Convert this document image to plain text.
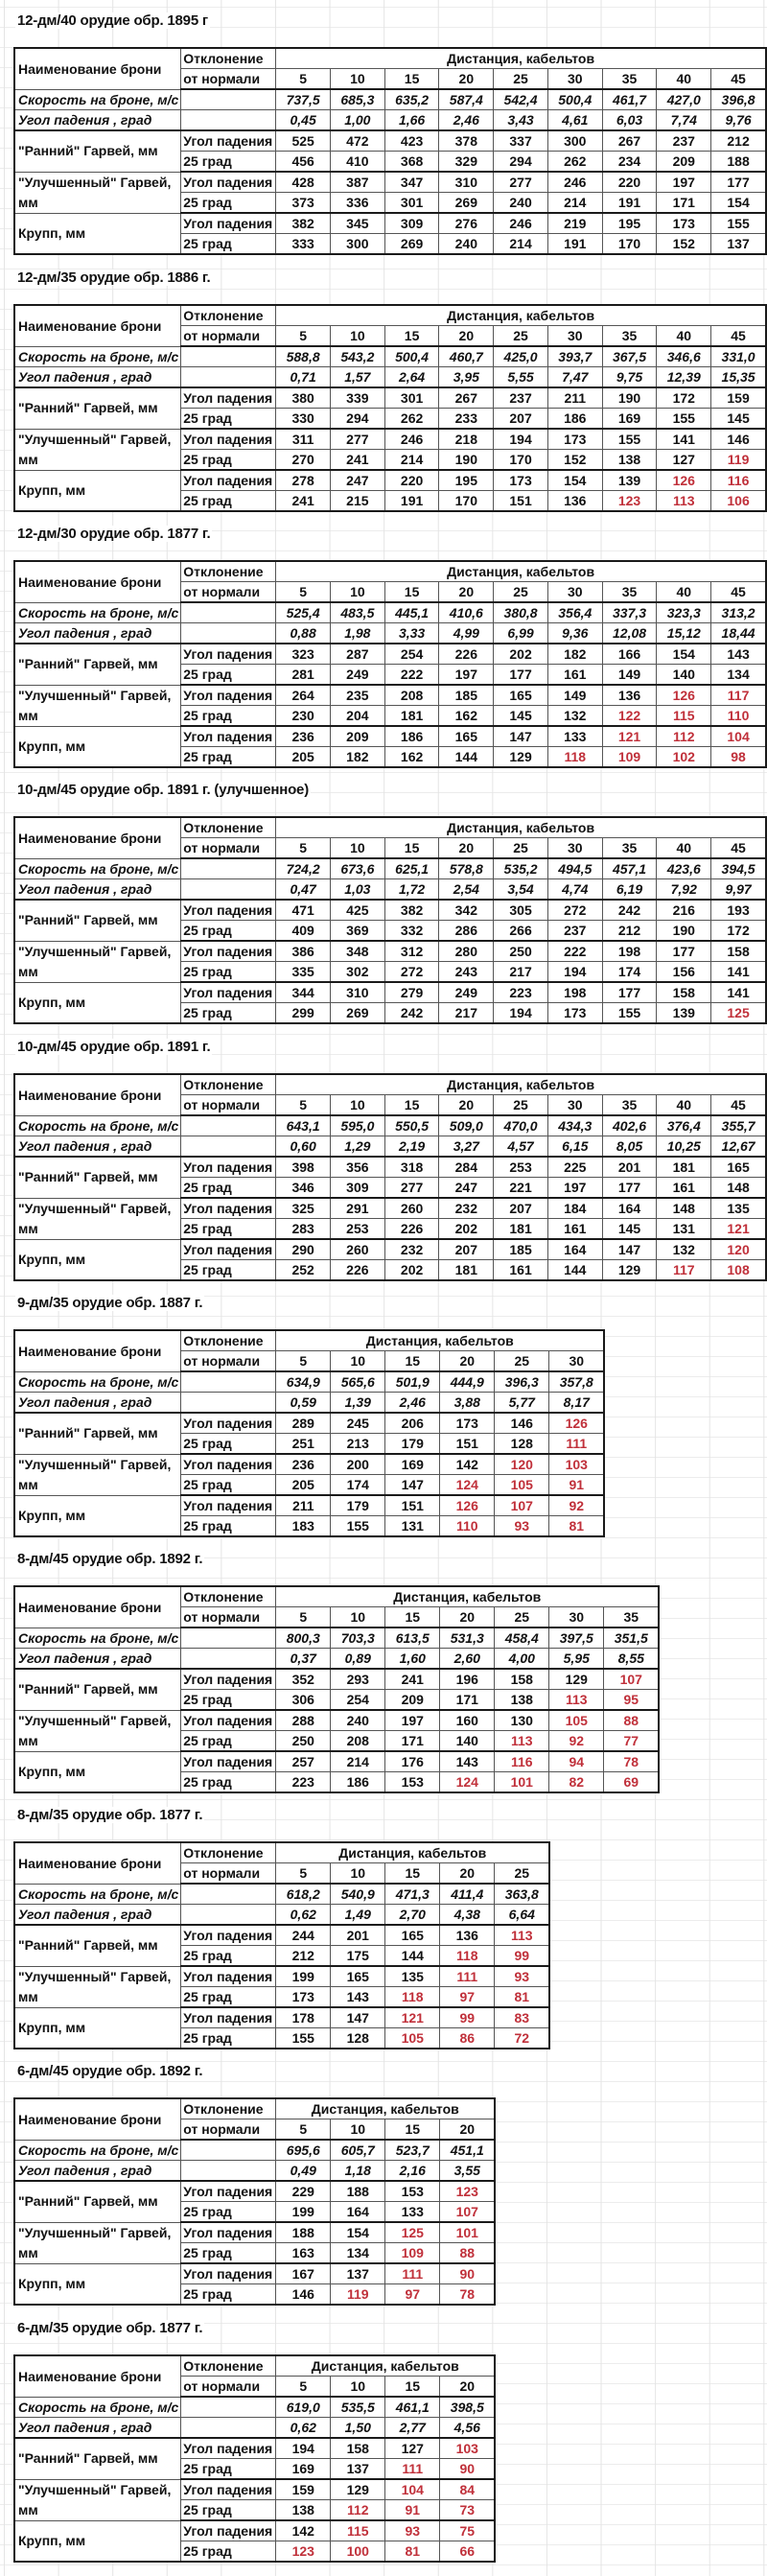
12-дм/40 орудие обр. 1895 г
Наименование брони	Отклонение	Дистанция, кабельтов								
	от нормали	5	10	15	20	25	30	35	40	45
Скорость на броне, м/с		737,5	685,3	635,2	587,4	542,4	500,4	461,7	427,0	396,8
Угол падения , град		0,45	1,00	1,66	2,46	3,43	4,61	6,03	7,74	9,76
"Ранний" Гарвей, мм	Угол падения	525	472	423	378	337	300	267	237	212
	25 град	456	410	368	329	294	262	234	209	188
"Улучшенный" Гарвей, мм	Угол падения	428	387	347	310	277	246	220	197	177
	25 град	373	336	301	269	240	214	191	171	154
Крупп, мм	Угол падения	382	345	309	276	246	219	195	173	155
	25 град	333	300	269	240	214	191	170	152	137
12-дм/35 орудие обр. 1886 г.
Наименование брони	Отклонение	Дистанция, кабельтов								
	от нормали	5	10	15	20	25	30	35	40	45
Скорость на броне, м/с		588,8	543,2	500,4	460,7	425,0	393,7	367,5	346,6	331,0
Угол падения , град		0,71	1,57	2,64	3,95	5,55	7,47	9,75	12,39	15,35
"Ранний" Гарвей, мм	Угол падения	380	339	301	267	237	211	190	172	159
	25 град	330	294	262	233	207	186	169	155	145
"Улучшенный" Гарвей, мм	Угол падения	311	277	246	218	194	173	155	141	146
	25 град	270	241	214	190	170	152	138	127	119
Крупп, мм	Угол падения	278	247	220	195	173	154	139	126	116
	25 град	241	215	191	170	151	136	123	113	106
12-дм/30 орудие обр. 1877 г.
Наименование брони	Отклонение	Дистанция, кабельтов								
	от нормали	5	10	15	20	25	30	35	40	45
Скорость на броне, м/с		525,4	483,5	445,1	410,6	380,8	356,4	337,3	323,3	313,2
Угол падения , град		0,88	1,98	3,33	4,99	6,99	9,36	12,08	15,12	18,44
"Ранний" Гарвей, мм	Угол падения	323	287	254	226	202	182	166	154	143
	25 град	281	249	222	197	177	161	149	140	134
"Улучшенный" Гарвей, мм	Угол падения	264	235	208	185	165	149	136	126	117
	25 град	230	204	181	162	145	132	122	115	110
Крупп, мм	Угол падения	236	209	186	165	147	133	121	112	104
	25 град	205	182	162	144	129	118	109	102	98
10-дм/45 орудие обр. 1891 г. (улучшенное)
Наименование брони	Отклонение	Дистанция, кабельтов								
	от нормали	5	10	15	20	25	30	35	40	45
Скорость на броне, м/с		724,2	673,6	625,1	578,8	535,2	494,5	457,1	423,6	394,5
Угол падения , град		0,47	1,03	1,72	2,54	3,54	4,74	6,19	7,92	9,97
"Ранний" Гарвей, мм	Угол падения	471	425	382	342	305	272	242	216	193
	25 град	409	369	332	286	266	237	212	190	172
"Улучшенный" Гарвей, мм	Угол падения	386	348	312	280	250	222	198	177	158
	25 град	335	302	272	243	217	194	174	156	141
Крупп, мм	Угол падения	344	310	279	249	223	198	177	158	141
	25 град	299	269	242	217	194	173	155	139	125
10-дм/45 орудие обр. 1891 г.
Наименование брони	Отклонение	Дистанция, кабельтов								
	от нормали	5	10	15	20	25	30	35	40	45
Скорость на броне, м/с		643,1	595,0	550,5	509,0	470,0	434,3	402,6	376,4	355,7
Угол падения , град		0,60	1,29	2,19	3,27	4,57	6,15	8,05	10,25	12,67
"Ранний" Гарвей, мм	Угол падения	398	356	318	284	253	225	201	181	165
	25 град	346	309	277	247	221	197	177	161	148
"Улучшенный" Гарвей, мм	Угол падения	325	291	260	232	207	184	164	148	135
	25 град	283	253	226	202	181	161	145	131	121
Крупп, мм	Угол падения	290	260	232	207	185	164	147	132	120
	25 град	252	226	202	181	161	144	129	117	108
9-дм/35 орудие обр. 1887 г.
Наименование брони	Отклонение	Дистанция, кабельтов					
	от нормали	5	10	15	20	25	30
Скорость на броне, м/с		634,9	565,6	501,9	444,9	396,3	357,8
Угол падения , град		0,59	1,39	2,46	3,88	5,77	8,17
"Ранний" Гарвей, мм	Угол падения	289	245	206	173	146	126
	25 град	251	213	179	151	128	111
"Улучшенный" Гарвей, мм	Угол падения	236	200	169	142	120	103
	25 град	205	174	147	124	105	91
Крупп, мм	Угол падения	211	179	151	126	107	92
	25 град	183	155	131	110	93	81
8-дм/45 орудие обр. 1892 г.
Наименование брони	Отклонение	Дистанция, кабельтов						
	от нормали	5	10	15	20	25	30	35
Скорость на броне, м/с		800,3	703,3	613,5	531,3	458,4	397,5	351,5
Угол падения , град		0,37	0,89	1,60	2,60	4,00	5,95	8,55
"Ранний" Гарвей, мм	Угол падения	352	293	241	196	158	129	107
	25 град	306	254	209	171	138	113	95
"Улучшенный" Гарвей, мм	Угол падения	288	240	197	160	130	105	88
	25 град	250	208	171	140	113	92	77
Крупп, мм	Угол падения	257	214	176	143	116	94	78
	25 град	223	186	153	124	101	82	69
8-дм/35 орудие обр. 1877 г.
Наименование брони	Отклонение	Дистанция, кабельтов				
	от нормали	5	10	15	20	25
Скорость на броне, м/с		618,2	540,9	471,3	411,4	363,8
Угол падения , град		0,62	1,49	2,70	4,38	6,64
"Ранний" Гарвей, мм	Угол падения	244	201	165	136	113
	25 град	212	175	144	118	99
"Улучшенный" Гарвей, мм	Угол падения	199	165	135	111	93
	25 град	173	143	118	97	81
Крупп, мм	Угол падения	178	147	121	99	83
	25 град	155	128	105	86	72
6-дм/45 орудие обр. 1892 г.
Наименование брони	Отклонение	Дистанция, кабельтов			
	от нормали	5	10	15	20
Скорость на броне, м/с		695,6	605,7	523,7	451,1
Угол падения , град		0,49	1,18	2,16	3,55
"Ранний" Гарвей, мм	Угол падения	229	188	153	123
	25 град	199	164	133	107
"Улучшенный" Гарвей, мм	Угол падения	188	154	125	101
	25 град	163	134	109	88
Крупп, мм	Угол падения	167	137	111	90
	25 град	146	119	97	78
6-дм/35 орудие обр. 1877 г.
Наименование брони	Отклонение	Дистанция, кабельтов			
	от нормали	5	10	15	20
Скорость на броне, м/с		619,0	535,5	461,1	398,5
Угол падения , град		0,62	1,50	2,77	4,56
"Ранний" Гарвей, мм	Угол падения	194	158	127	103
	25 град	169	137	111	90
"Улучшенный" Гарвей, мм	Угол падения	159	129	104	84
	25 град	138	112	91	73
Крупп, мм	Угол падения	142	115	93	75
	25 град	123	100	81	66
